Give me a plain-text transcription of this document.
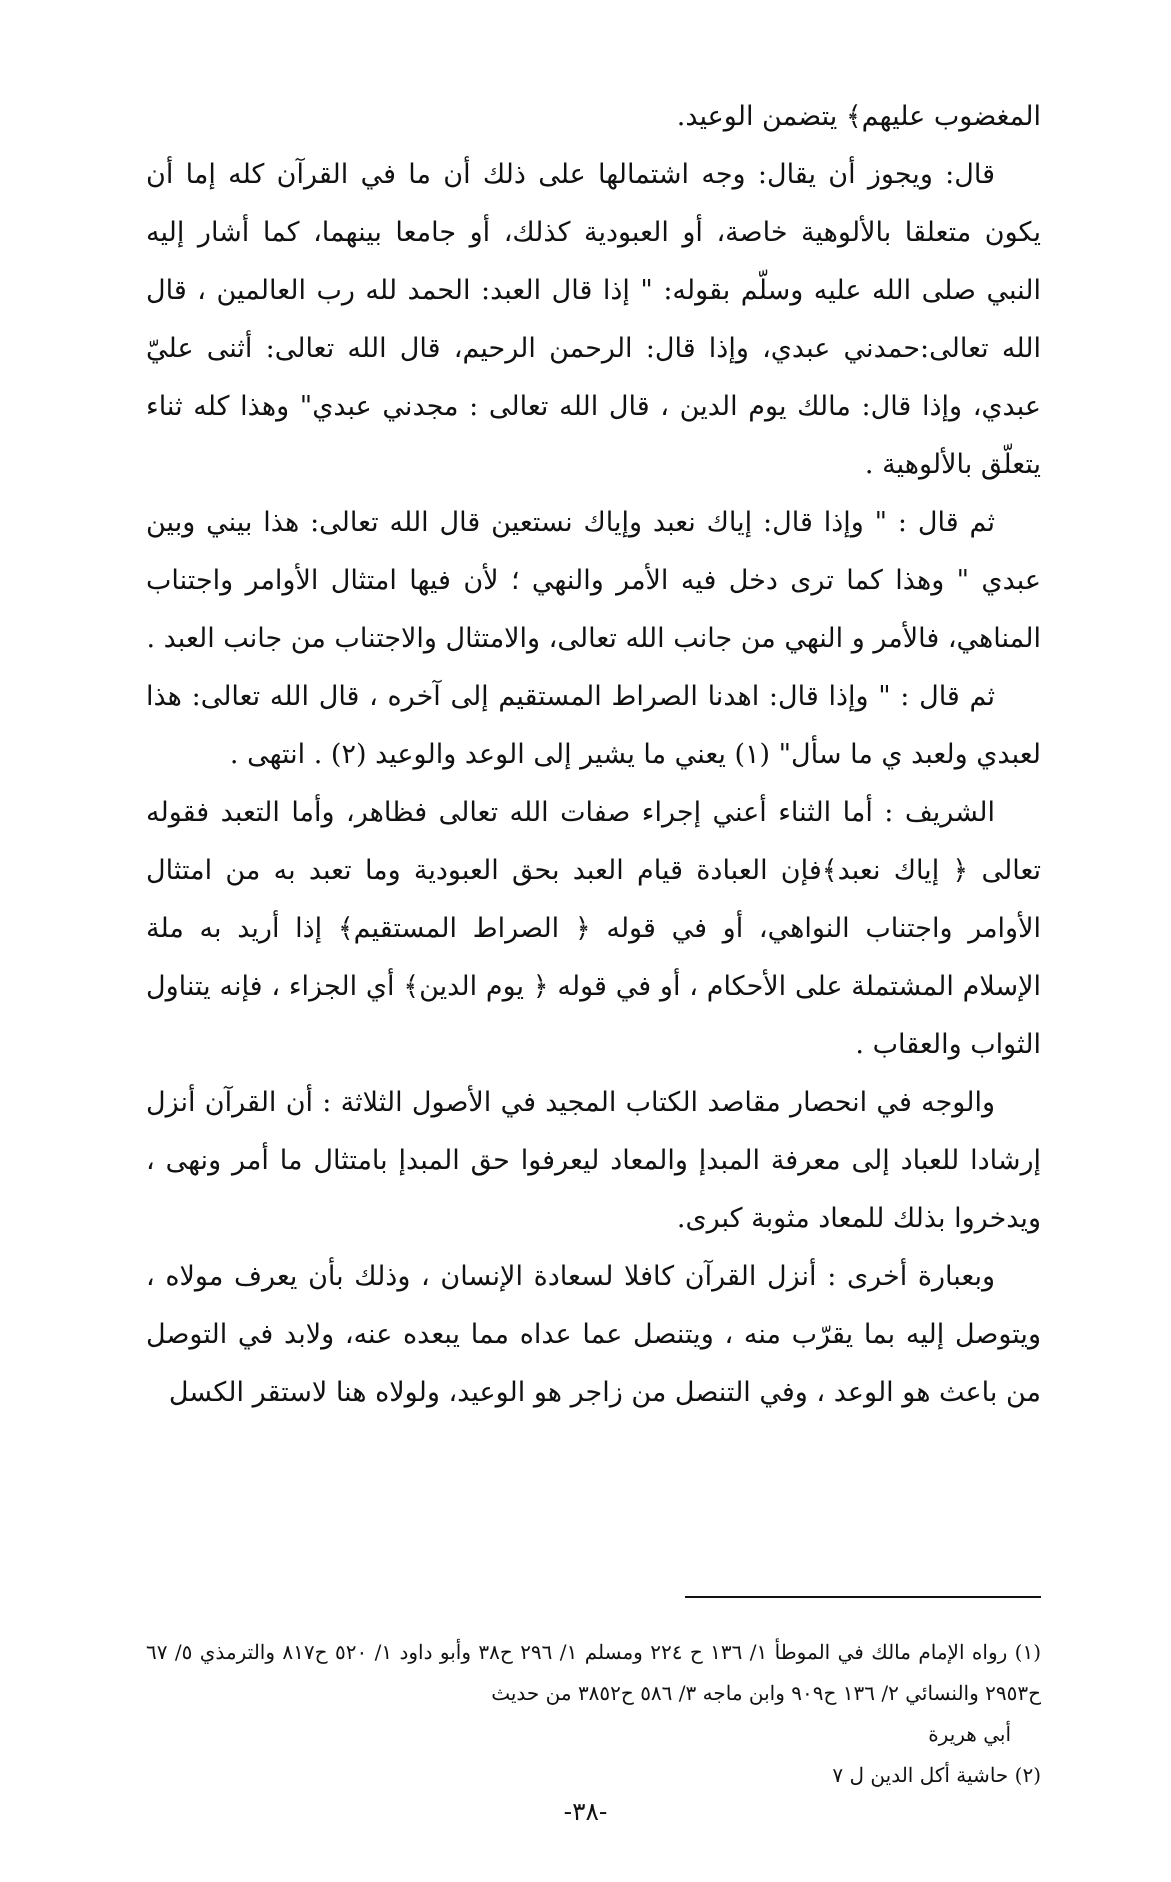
المغضوب عليهم﴾ يتضمن الوعيد.

قال: ويجوز أن يقال: وجه اشتمالها على ذلك أن ما في القرآن كله إما أن يكون متعلقا بالألوهية خاصة، أو العبودية كذلك، أو جامعا بينهما، كما أشار إليه النبي صلى الله عليه وسلّم بقوله: " إذا قال العبد: الحمد لله رب العالمين ، قال الله تعالى:حمدني عبدي، وإذا قال: الرحمن الرحيم، قال الله تعالى: أثنى عليّ عبدي، وإذا قال: مالك يوم الدين ، قال الله تعالى : مجدني عبدي" وهذا كله ثناء يتعلّق بالألوهية .

ثم قال : " وإذا قال: إياك نعبد وإياك نستعين قال الله تعالى: هذا بيني وبين عبدي " وهذا كما ترى دخل فيه الأمر والنهي ؛ لأن فيها امتثال الأوامر واجتناب المناهي، فالأمر و النهي من جانب الله تعالى، والامتثال والاجتناب من جانب العبد .

ثم قال : " وإذا قال: اهدنا الصراط المستقيم إلى آخره ، قال الله تعالى: هذا لعبدي ولعبد ي ما سأل" (١) يعني ما يشير إلى الوعد والوعيد (٢) . انتهى .

الشريف : أما الثناء أعني إجراء صفات الله تعالى فظاهر، وأما التعبد فقوله تعالى ﴿ إياك نعبد﴾فإن العبادة قيام العبد بحق العبودية وما تعبد به من امتثال الأوامر واجتناب النواهي، أو في قوله ﴿ الصراط المستقيم﴾ إذا أريد به ملة الإسلام المشتملة على الأحكام ، أو في قوله ﴿ يوم الدين﴾ أي الجزاء ، فإنه يتناول الثواب والعقاب .

والوجه في انحصار مقاصد الكتاب المجيد في الأصول الثلاثة : أن القرآن أنزل إرشادا للعباد إلى معرفة المبدإ والمعاد ليعرفوا حق المبدإ بامتثال ما أمر ونهى ، ويدخروا بذلك للمعاد مثوبة كبرى.

وبعبارة أخرى : أنزل القرآن كافلا لسعادة الإنسان ، وذلك بأن يعرف مولاه ، ويتوصل إليه بما يقرّب منه ، ويتنصل عما عداه مما يبعده عنه، ولابد في التوصل من باعث هو الوعد ، وفي التنصل من زاجر هو الوعيد، ولولاه هنا لاستقر الكسل

(١) رواه الإمام مالك في الموطأ ١/ ١٣٦ ح ٢٢٤ ومسلم ١/ ٢٩٦ ح٣٨ وأبو داود ١/ ٥٢٠ ح٨١٧ والترمذي ٥/ ٦٧ ح٢٩٥٣ والنسائي ٢/ ١٣٦ ح٩٠٩ وابن ماجه ٣/ ٥٨٦ ح٣٨٥٢ من حديث

أبي هريرة

(٢) حاشية أكل الدين ل ٧

-٣٨-
